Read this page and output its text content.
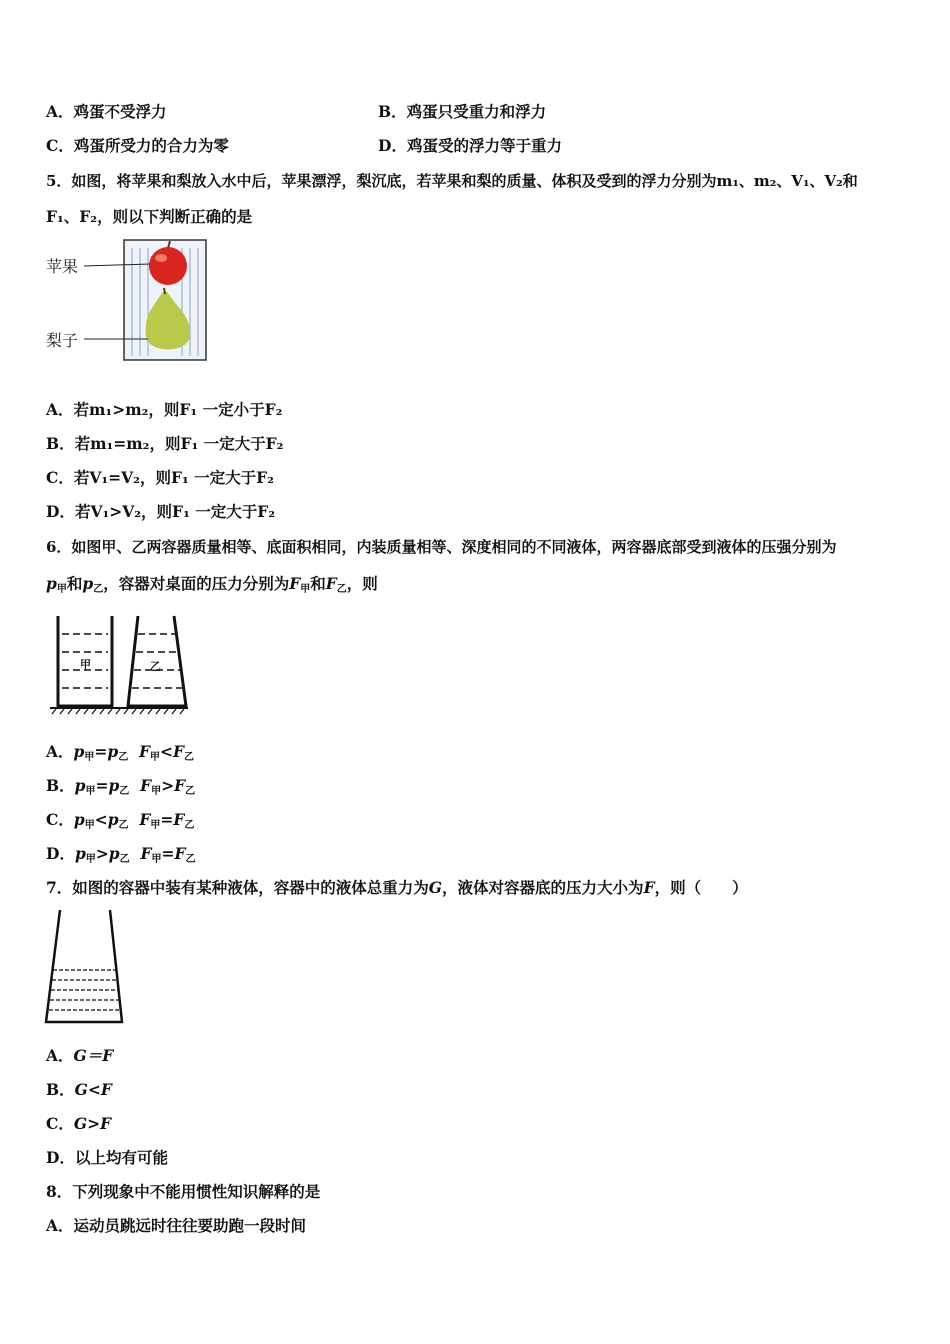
A．鸡蛋不受浮力	B．鸡蛋只受重力和浮力
C．鸡蛋所受力的合力为零	D．鸡蛋受的浮力等于重力
5．如图，将苹果和梨放入水中后，苹果漂浮，梨沉底，若苹果和梨的质量、体积及受到的浮力分别为m₁、m₂、V₁、V₂和
F₁、F₂，则以下判断正确的是
苹果
梨子
A．若m₁>m₂，则F₁ 一定小于F₂
B．若m₁=m₂，则F₁ 一定大于F₂
C．若V₁=V₂，则F₁ 一定大于F₂
D．若V₁>V₂，则F₁ 一定大于F₂
6．如图甲、乙两容器质量相等、底面积相同，内装质量相等、深度相同的不同液体，两容器底部受到液体的压强分别为
$p_甲$和$p_乙$，容器对桌面的压力分别为$F_甲$和$F_乙$，则
甲	乙
A．$p_甲=p_乙$ $F_甲<F_乙$
B．$p_甲=p_乙$ $F_甲>F_乙$
C．$p_甲<p_乙$ $F_甲=F_乙$
D．$p_甲>p_乙$ $F_甲=F_乙$
7．如图的容器中装有某种液体，容器中的液体总重力为G，液体对容器底的压力大小为F，则（　　）
A．G＝F
B．G<F
C．G>F
D．以上均有可能
8．下列现象中不能用惯性知识解释的是
A．运动员跳远时往往要助跑一段时间
